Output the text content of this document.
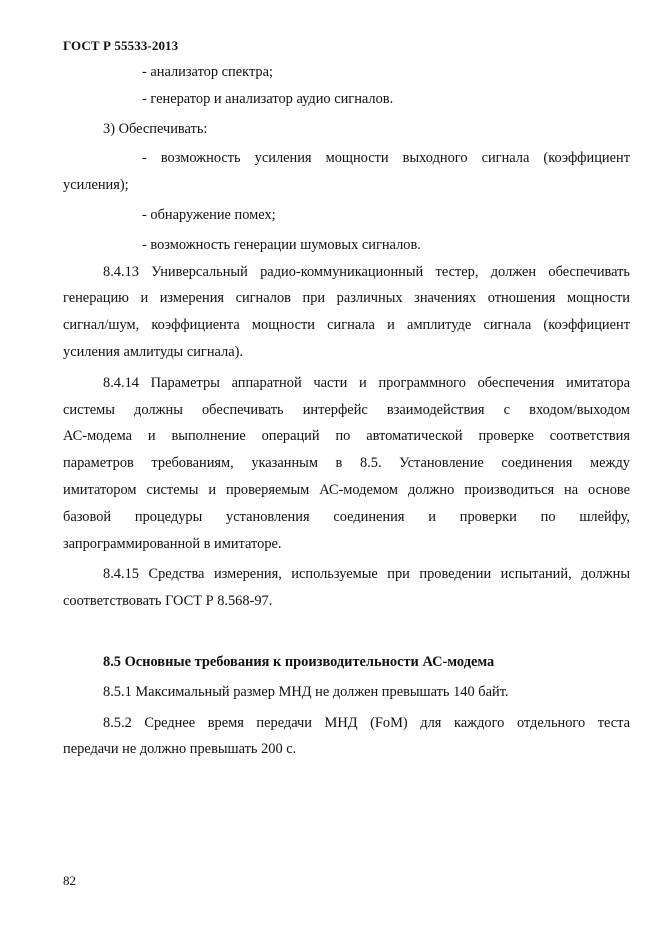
ГОСТ Р 55533-2013
- анализатор спектра;
- генератор и анализатор аудио сигналов.
3) Обеспечивать:
- возможность усиления мощности выходного сигнала (коэффициент
усиления);
- обнаружение помех;
- возможность генерации шумовых сигналов.
8.4.13 Универсальный радио-коммуникационный тестер, должен обеспечивать
генерацию и измерения сигналов при различных значениях отношения мощности
сигнал/шум, коэффициента мощности сигнала и амплитуде сигнала (коэффициент
усиления амлитуды сигнала).
8.4.14 Параметры аппаратной части и программного обеспечения имитатора
системы должны обеспечивать интерфейс взаимодействия с входом/выходом
АС-модема и выполнение операций по автоматической проверке соответствия
параметров требованиям, указанным в 8.5. Установление соединения между
имитатором системы и проверяемым АС-модемом должно производиться на основе
базовой процедуры установления соединения и проверки по шлейфу,
запрограммированной в имитаторе.
8.4.15 Средства измерения, используемые при проведении испытаний, должны
соответствовать ГОСТ Р 8.568-97.
8.5 Основные требования к производительности АС-модема
8.5.1 Максимальный размер МНД не должен превышать 140 байт.
8.5.2 Среднее время передачи МНД (FoM) для каждого отдельного теста
передачи не должно превышать 200 с.
82
